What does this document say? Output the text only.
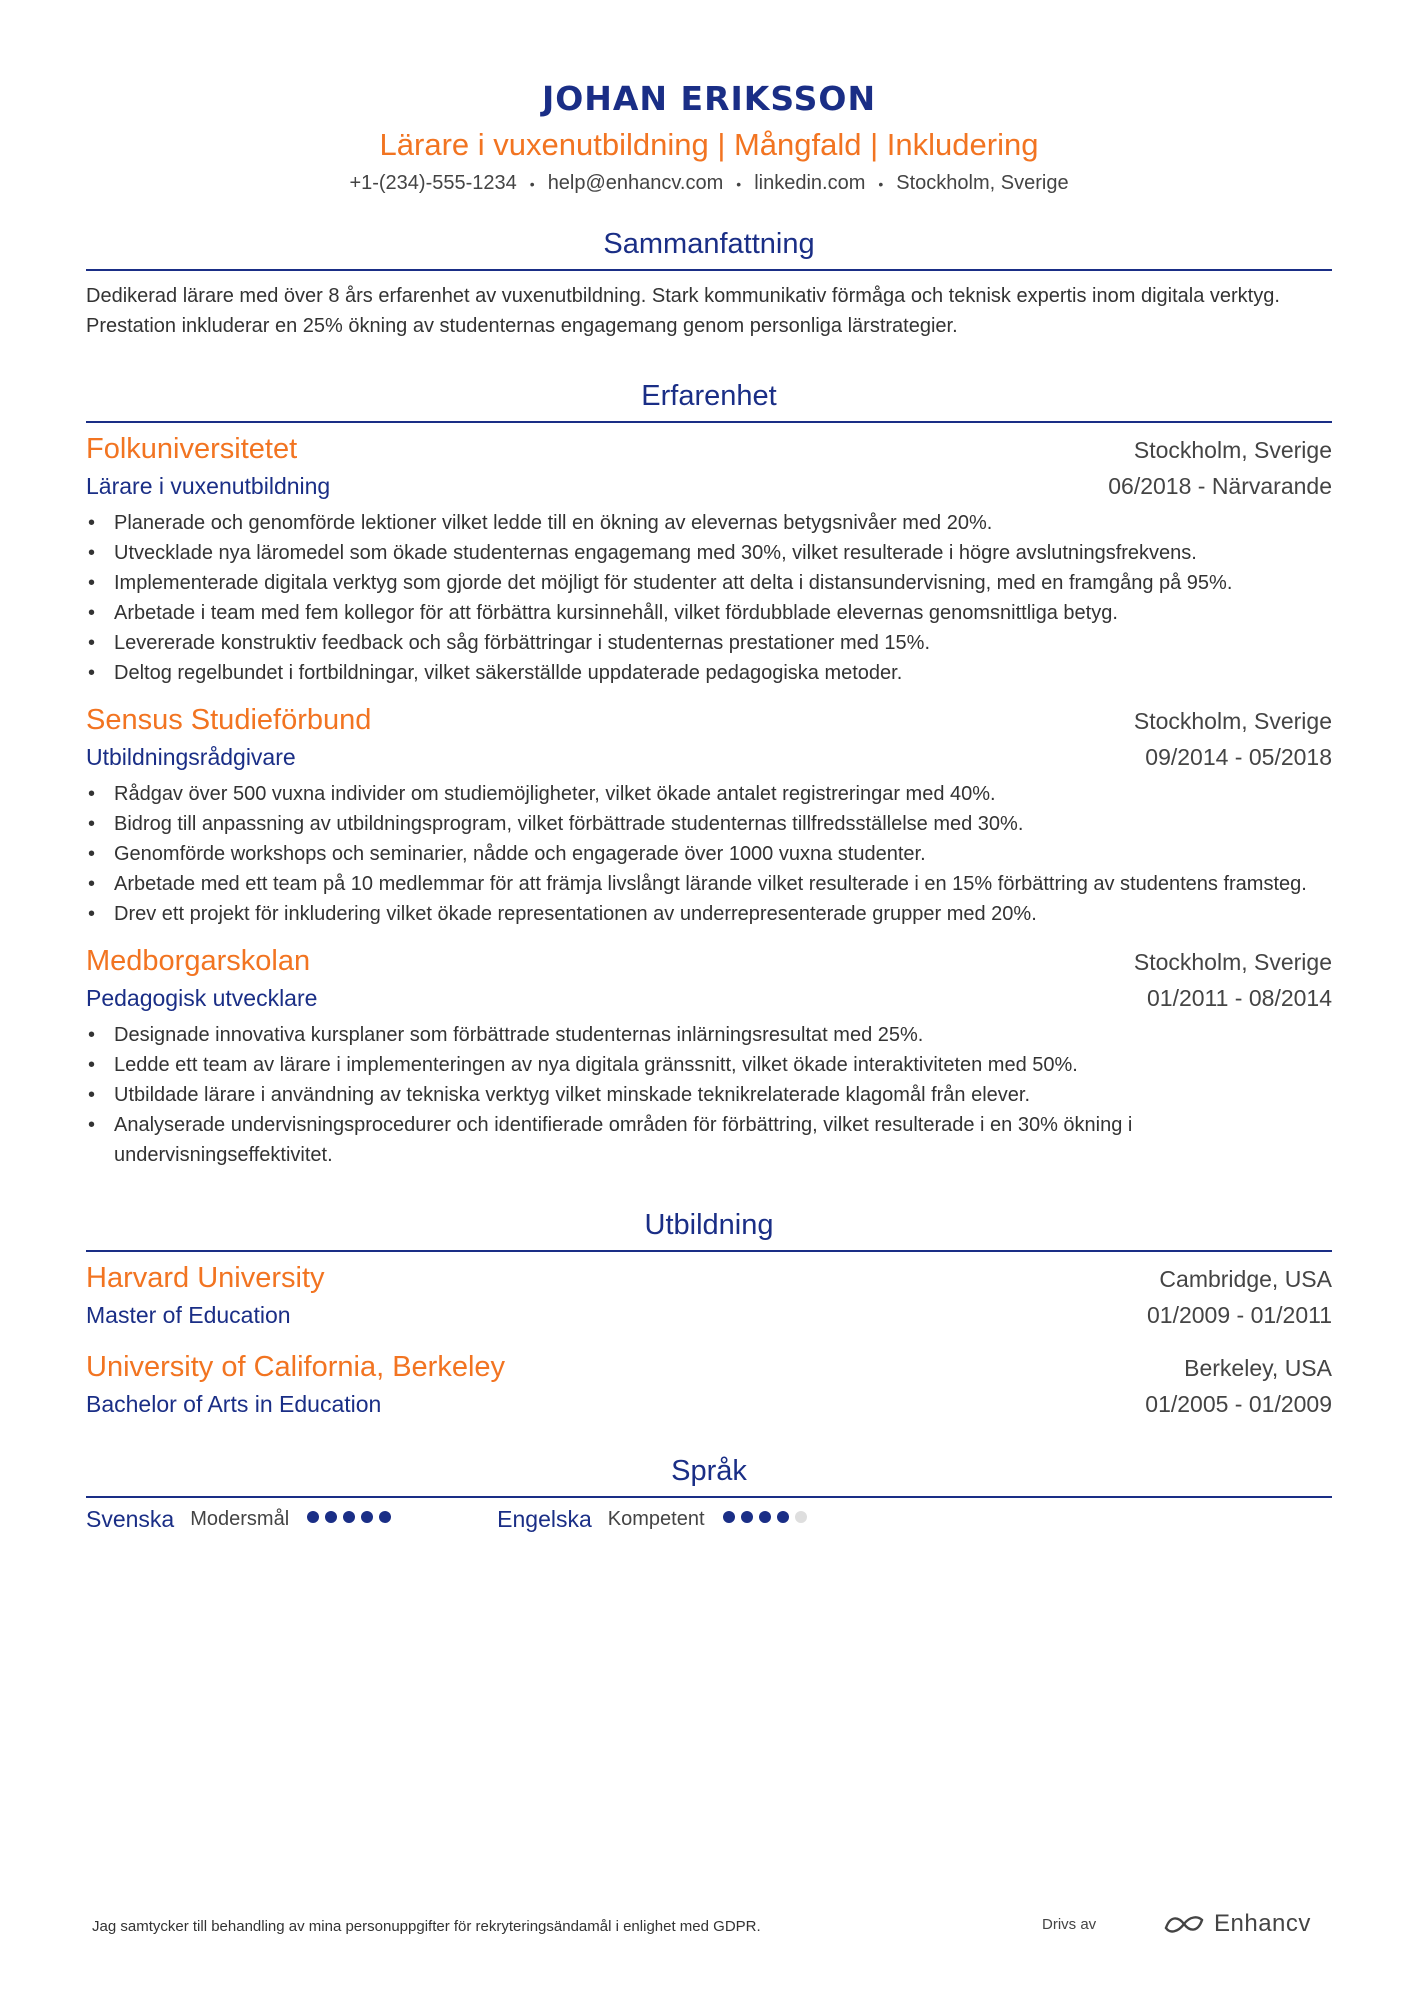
JOHAN ERIKSSON
Lärare i vuxenutbildning | Mångfald | Inkludering
+1-(234)-555-1234 • help@enhancv.com • linkedin.com • Stockholm, Sverige
Sammanfattning
Dedikerad lärare med över 8 års erfarenhet av vuxenutbildning. Stark kommunikativ förmåga och teknisk expertis inom digitala verktyg. Prestation inkluderar en 25% ökning av studenternas engagemang genom personliga lärstrategier.
Erfarenhet
Folkuniversitetet	Stockholm, Sverige
Lärare i vuxenutbildning	06/2018 - Närvarande
• Planerade och genomförde lektioner vilket ledde till en ökning av elevernas betygsnivåer med 20%.
• Utvecklade nya läromedel som ökade studenternas engagemang med 30%, vilket resulterade i högre avslutningsfrekvens.
• Implementerade digitala verktyg som gjorde det möjligt för studenter att delta i distansundervisning, med en framgång på 95%.
• Arbetade i team med fem kollegor för att förbättra kursinnehåll, vilket fördubblade elevernas genomsnittliga betyg.
• Levererade konstruktiv feedback och såg förbättringar i studenternas prestationer med 15%.
• Deltog regelbundet i fortbildningar, vilket säkerställde uppdaterade pedagogiska metoder.
Sensus Studieförbund	Stockholm, Sverige
Utbildningsrådgivare	09/2014 - 05/2018
• Rådgav över 500 vuxna individer om studiemöjligheter, vilket ökade antalet registreringar med 40%.
• Bidrog till anpassning av utbildningsprogram, vilket förbättrade studenternas tillfredsställelse med 30%.
• Genomförde workshops och seminarier, nådde och engagerade över 1000 vuxna studenter.
• Arbetade med ett team på 10 medlemmar för att främja livslångt lärande vilket resulterade i en 15% förbättring av studentens framsteg.
• Drev ett projekt för inkludering vilket ökade representationen av underrepresenterade grupper med 20%.
Medborgarskolan	Stockholm, Sverige
Pedagogisk utvecklare	01/2011 - 08/2014
• Designade innovativa kursplaner som förbättrade studenternas inlärningsresultat med 25%.
• Ledde ett team av lärare i implementeringen av nya digitala gränssnitt, vilket ökade interaktiviteten med 50%.
• Utbildade lärare i användning av tekniska verktyg vilket minskade teknikrelaterade klagomål från elever.
• Analyserade undervisningsprocedurer och identifierade områden för förbättring, vilket resulterade i en 30% ökning i undervisningseffektivitet.
Utbildning
Harvard University	Cambridge, USA
Master of Education	01/2009 - 01/2011
University of California, Berkeley	Berkeley, USA
Bachelor of Arts in Education	01/2005 - 01/2009
Språk
Svenska Modersmål	Engelska Kompetent
Jag samtycker till behandling av mina personuppgifter för rekryteringsändamål i enlighet med GDPR.	Drivs av	Enhancv
